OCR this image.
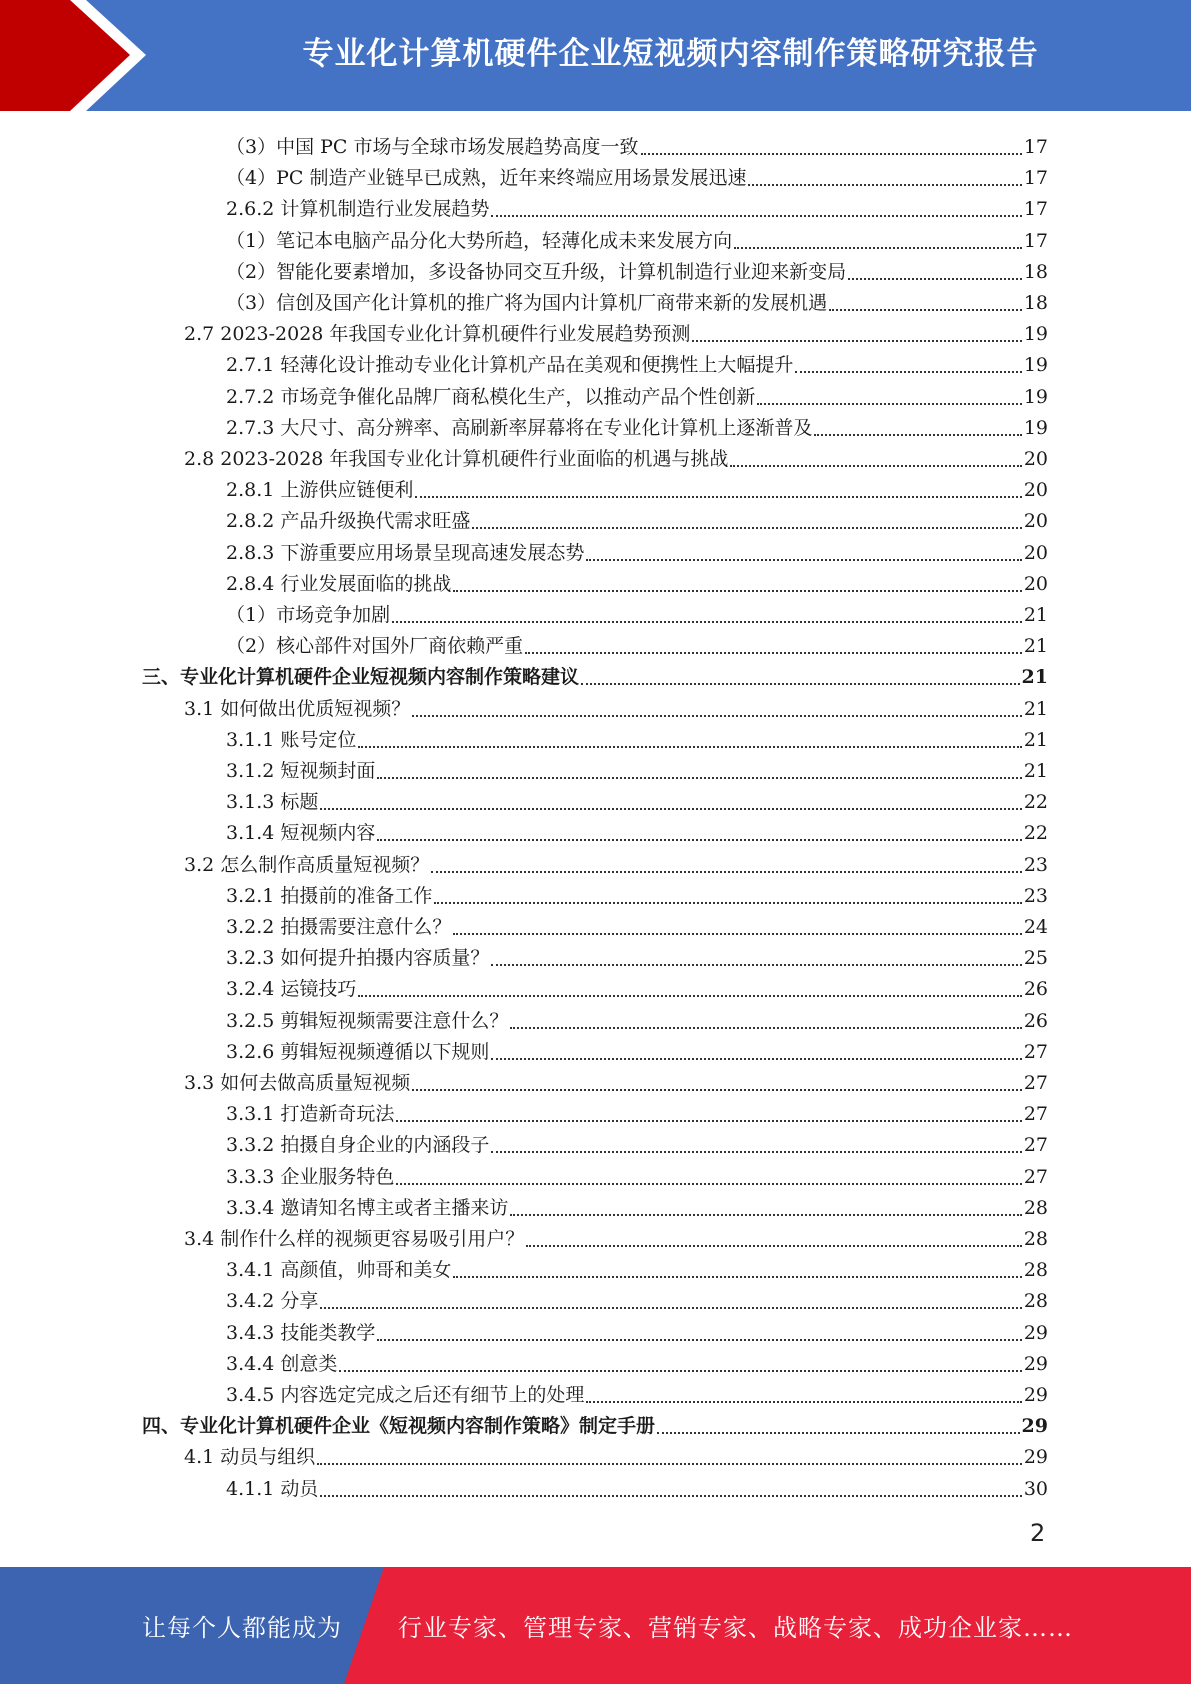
专业化计算机硬件企业短视频内容制作策略研究报告
（3）中国 PC 市场与全球市场发展趋势高度一致	17
（4）PC 制造产业链早已成熟，近年来终端应用场景发展迅速	17
2.6.2 计算机制造行业发展趋势	17
（1）笔记本电脑产品分化大势所趋，轻薄化成未来发展方向	17
（2）智能化要素增加，多设备协同交互升级，计算机制造行业迎来新变局	18
（3）信创及国产化计算机的推广将为国内计算机厂商带来新的发展机遇	18
2.7 2023-2028 年我国专业化计算机硬件行业发展趋势预测	19
2.7.1 轻薄化设计推动专业化计算机产品在美观和便携性上大幅提升	19
2.7.2 市场竞争催化品牌厂商私模化生产，以推动产品个性创新	19
2.7.3 大尺寸、高分辨率、高刷新率屏幕将在专业化计算机上逐渐普及	19
2.8 2023-2028 年我国专业化计算机硬件行业面临的机遇与挑战	20
2.8.1 上游供应链便利	20
2.8.2 产品升级换代需求旺盛	20
2.8.3 下游重要应用场景呈现高速发展态势	20
2.8.4 行业发展面临的挑战	20
（1）市场竞争加剧	21
（2）核心部件对国外厂商依赖严重	21
三、专业化计算机硬件企业短视频内容制作策略建议	21
3.1 如何做出优质短视频？	21
3.1.1 账号定位	21
3.1.2 短视频封面	21
3.1.3 标题	22
3.1.4 短视频内容	22
3.2 怎么制作高质量短视频？	23
3.2.1 拍摄前的准备工作	23
3.2.2 拍摄需要注意什么？	24
3.2.3 如何提升拍摄内容质量？	25
3.2.4 运镜技巧	26
3.2.5 剪辑短视频需要注意什么？	26
3.2.6 剪辑短视频遵循以下规则	27
3.3 如何去做高质量短视频	27
3.3.1 打造新奇玩法	27
3.3.2 拍摄自身企业的内涵段子	27
3.3.3 企业服务特色	27
3.3.4 邀请知名博主或者主播来访	28
3.4 制作什么样的视频更容易吸引用户？	28
3.4.1 高颜值，帅哥和美女	28
3.4.2 分享	28
3.4.3 技能类教学	29
3.4.4 创意类	29
3.4.5 内容选定完成之后还有细节上的处理	29
四、专业化计算机硬件企业《短视频内容制作策略》制定手册	29
4.1 动员与组织	29
4.1.1 动员	30
2
让每个人都能成为 行业专家、管理专家、营销专家、战略专家、成功企业家……
